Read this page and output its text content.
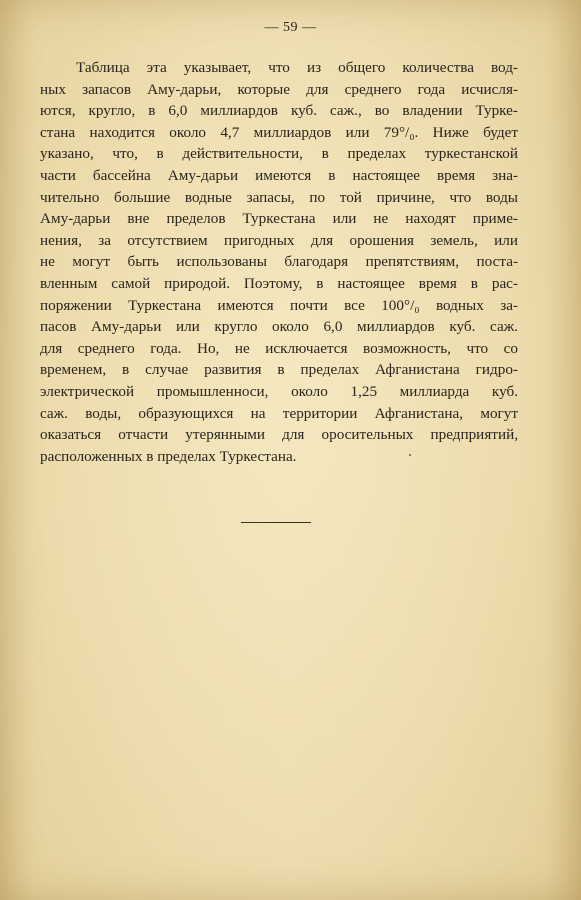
— 59 —

Таблица эта указывает, что из общего количества вод-
ных запасов Аму-дарьи, которые для среднего года исчисля-
ются, кругло, в 6,0 миллиардов куб. саж., во владении Турке-
стана находится около 4,7 миллиардов или 79°/₀. Ниже будет
указано, что, в действительности, в пределах туркестанской
части бассейна Аму-дарьи имеются в настоящее время зна-
чительно большие водные запасы, по той причине, что воды
Аму-дарьи вне пределов Туркестана или не находят приме-
нения, за отсутствием пригодных для орошения земель, или
не могут быть использованы благодаря препятствиям, поста-
вленным самой природой. Поэтому, в настоящее время в рас-
поряжении Туркестана имеются почти все 100°/₀ водных за-
пасов Аму-дарьи или кругло около 6,0 миллиардов куб. саж.
для среднего года. Но, не исключается возможность, что со
временем, в случае развития в пределах Афганистана гидро-
электрической промышленноси, около 1,25 миллиарда куб.
саж. воды, образующихся на территории Афганистана, могут
оказаться отчасти утерянными для оросительных предприятий,
расположенных в пределах Туркестана.
